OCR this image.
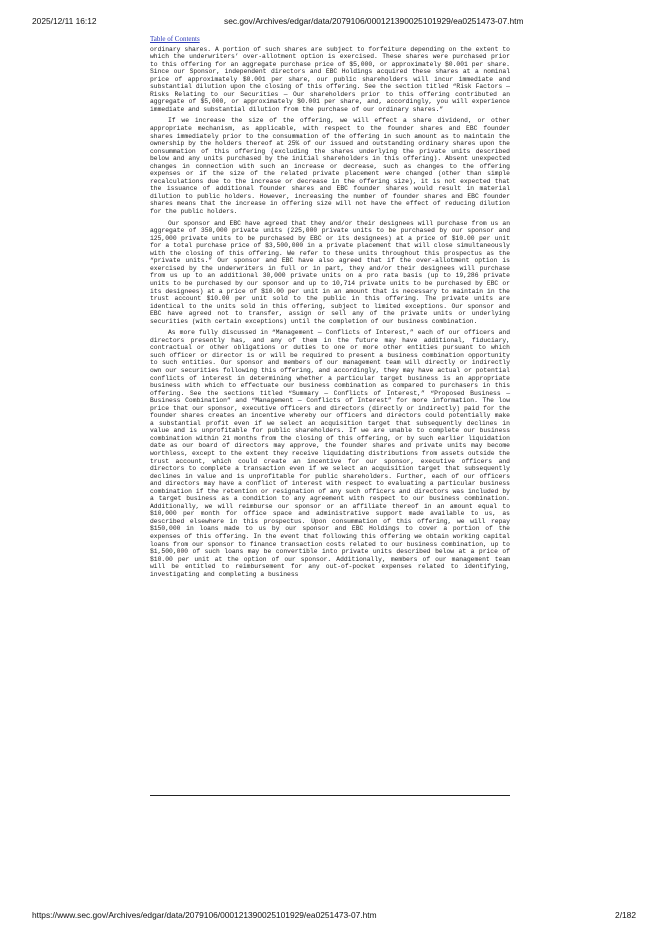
2025/12/11 16:12	sec.gov/Archives/edgar/data/2079106/000121390025101929/ea0251473-07.htm
Table of Contents

ordinary shares. A portion of such shares are subject to forfeiture depending on the extent to which the underwriters’ over-allotment option is exercised. These shares were purchased prior to this offering for an aggregate purchase price of $5,000, or approximately $0.001 per share. Since our Sponsor, independent directors and EBC Holdings acquired these shares at a nominal price of approximately $0.001 per share, our public shareholders will incur immediate and substantial dilution upon the closing of this offering. See the section titled “Risk Factors — Risks Relating to our Securities — Our shareholders prior to this offering contributed an aggregate of $5,000, or approximately $0.001 per share, and, accordingly, you will experience immediate and substantial dilution from the purchase of our ordinary shares.”

If we increase the size of the offering, we will effect a share dividend, or other appropriate mechanism, as applicable, with respect to the founder shares and EBC founder shares immediately prior to the consummation of the offering in such amount as to maintain the ownership by the holders thereof at 25% of our issued and outstanding ordinary shares upon the consummation of this offering (excluding the shares underlying the private units described below and any units purchased by the initial shareholders in this offering). Absent unexpected changes in connection with such an increase or decrease, such as changes to the offering expenses or if the size of the related private placement were changed (other than simple recalculations due to the increase or decrease in the offering size), it is not expected that the issuance of additional founder shares and EBC founder shares would result in material dilution to public holders. However, increasing the number of founder shares and EBC founder shares means that the increase in offering size will not have the effect of reducing dilution for the public holders.

Our sponsor and EBC have agreed that they and/or their designees will purchase from us an aggregate of 350,000 private units (225,000 private units to be purchased by our sponsor and 125,000 private units to be purchased by EBC or its designees) at a price of $10.00 per unit for a total purchase price of $3,500,000 in a private placement that will close simultaneously with the closing of this offering. We refer to these units throughout this prospectus as the “private units.” Our sponsor and EBC have also agreed that if the over-allotment option is exercised by the underwriters in full or in part, they and/or their designees will purchase from us up to an additional 30,000 private units on a pro rata basis (up to 19,286 private units to be purchased by our sponsor and up to 10,714 private units to be purchased by EBC or its designees) at a price of $10.00 per unit in an amount that is necessary to maintain in the trust account $10.00 per unit sold to the public in this offering. The private units are identical to the units sold in this offering, subject to limited exceptions. Our sponsor and EBC have agreed not to transfer, assign or sell any of the private units or underlying securities (with certain exceptions) until the completion of our business combination.

As more fully discussed in “Management — Conflicts of Interest,” each of our officers and directors presently has, and any of them in the future may have additional, fiduciary, contractual or other obligations or duties to one or more other entities pursuant to which such officer or director is or will be required to present a business combination opportunity to such entities. Our sponsor and members of our management team will directly or indirectly own our securities following this offering, and accordingly, they may have actual or potential conflicts of interest in determining whether a particular target business is an appropriate business with which to effectuate our business combination as compared to purchasers in this offering. See the sections titled “Summary — Conflicts of Interest,” “Proposed Business — Business Combination” and “Management — Conflicts of Interest” for more information. The low price that our sponsor, executive officers and directors (directly or indirectly) paid for the founder shares creates an incentive whereby our officers and directors could potentially make a substantial profit even if we select an acquisition target that subsequently declines in value and is unprofitable for public shareholders. If we are unable to complete our business combination within 21 months from the closing of this offering, or by such earlier liquidation date as our board of directors may approve, the founder shares and private units may become worthless, except to the extent they receive liquidating distributions from assets outside the trust account, which could create an incentive for our sponsor, executive officers and directors to complete a transaction even if we select an acquisition target that subsequently declines in value and is unprofitable for public shareholders. Further, each of our officers and directors may have a conflict of interest with respect to evaluating a particular business combination if the retention or resignation of any such officers and directors was included by a target business as a condition to any agreement with respect to our business combination. Additionally, we will reimburse our sponsor or an affiliate thereof in an amount equal to $10,000 per month for office space and administrative support made available to us, as described elsewhere in this prospectus. Upon consummation of this offering, we will repay $150,000 in loans made to us by our sponsor and EBC Holdings to cover a portion of the expenses of this offering. In the event that following this offering we obtain working capital loans from our sponsor to finance transaction costs related to our business combination, up to $1,500,000 of such loans may be convertible into private units described below at a price of $10.00 per unit at the option of our sponsor. Additionally, members of our management team will be entitled to reimbursement for any out-of-pocket expenses related to identifying, investigating and completing a business

https://www.sec.gov/Archives/edgar/data/2079106/000121390025101929/ea0251473-07.htm	2/182
